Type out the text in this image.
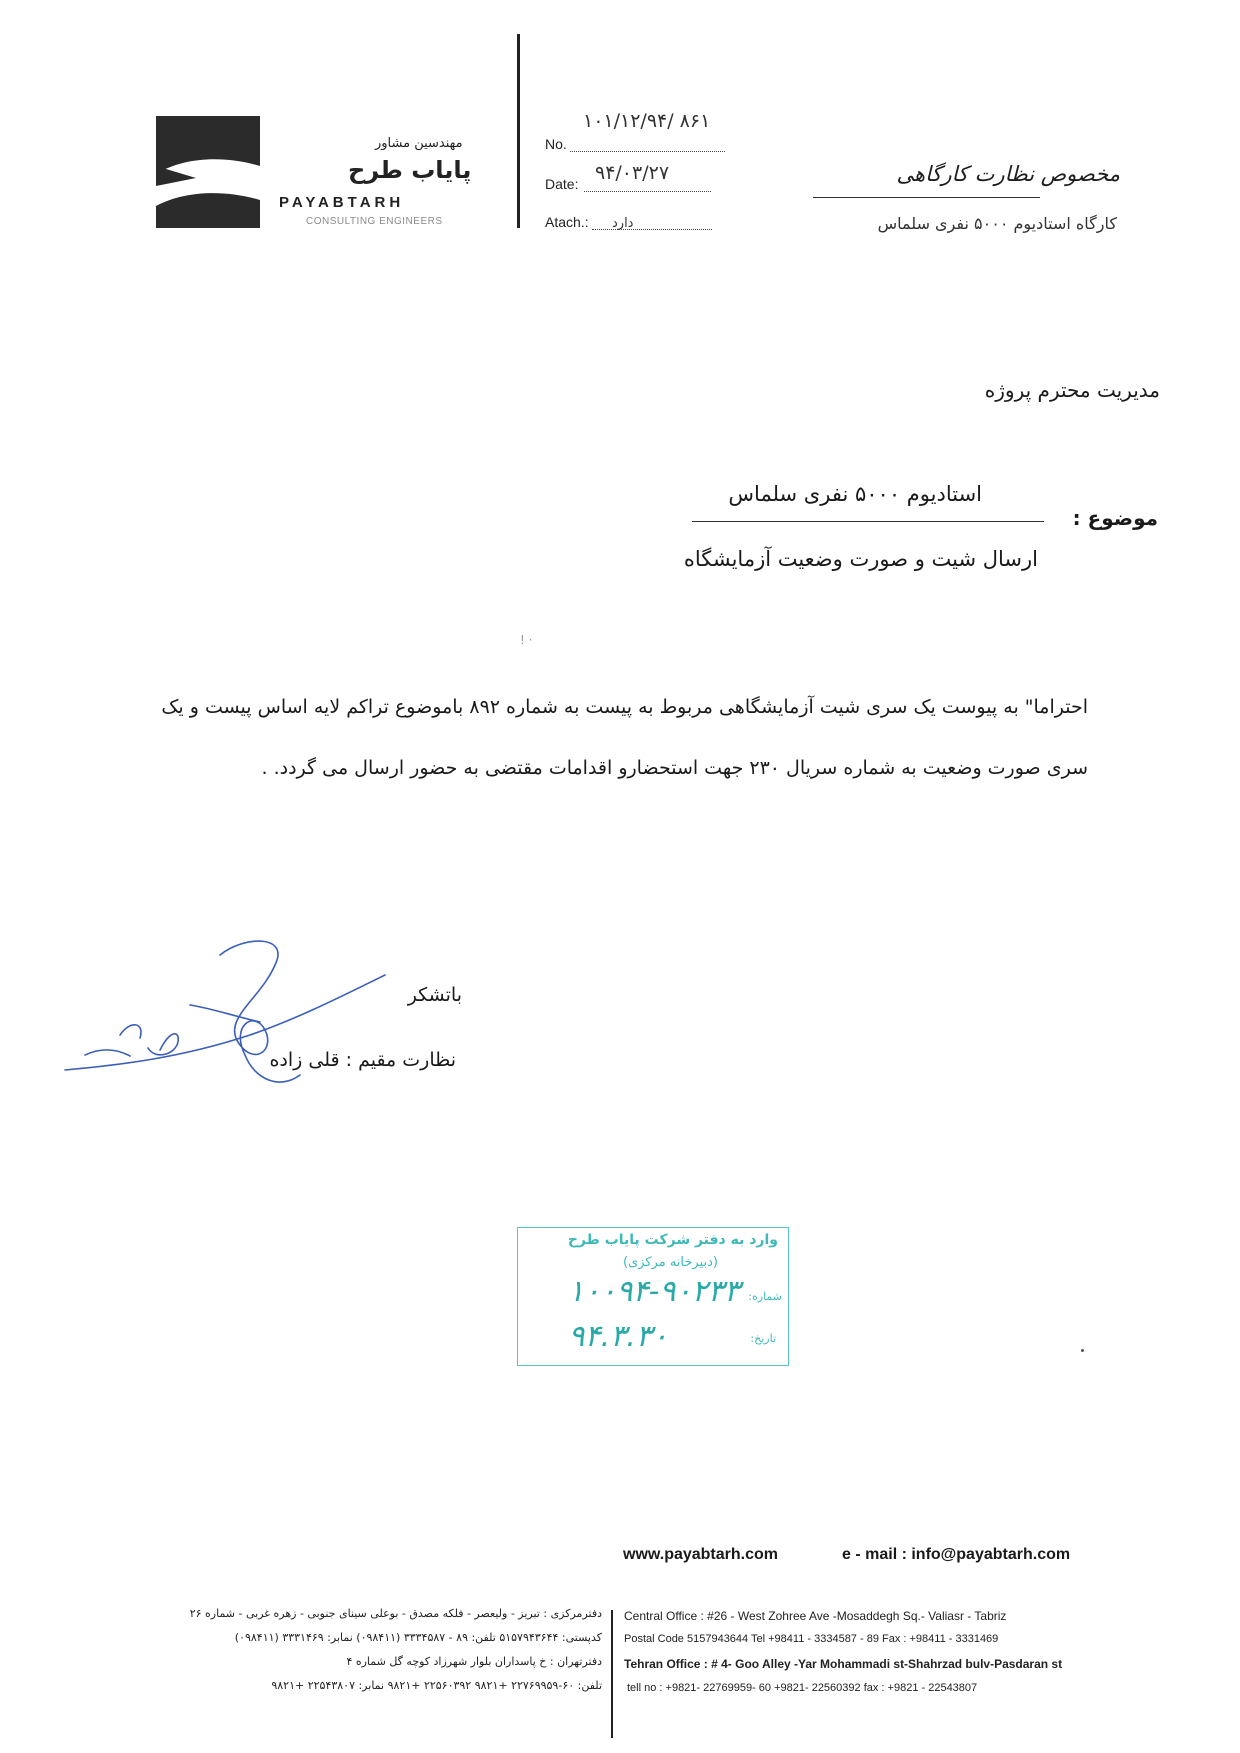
مهندسین مشاور
پایاب طرح
PAYABTARH
CONSULTING ENGINEERS
۱۰۱/۱۲/۹۴/ ۸۶۱
No.
Date: ۹۴/۰۳/۲۷
Atach.: دارد
مخصوص نظارت کارگاهی
کارگاه استادیوم ۵۰۰۰ نفری سلماس
مدیریت محترم پروژه
موضوع :
استادیوم ۵۰۰۰ نفری سلماس
ارسال شیت و صورت وضعیت آزمایشگاه
! ·
احتراما" به پیوست یک سری شیت آزمایشگاهی مربوط به پیست به شماره ۸۹۲ باموضوع تراکم لایه اساس پیست و یک
سری صورت وضعیت به شماره سریال ۲۳۰ جهت استحضارو اقدامات مقتضی به حضور ارسال می گردد. .
باتشکر
نظارت مقیم : قلی زاده
وارد به دفتر شرکت پایاب طرح
(دبیرخانه مرکزی)
شماره:
۱۰۰۹۴-۹۰۲۳۳
تاریخ:
۹۴.۳.۳۰
www.payabtarh.com	e - mail : info@payabtarh.com
دفترمرکزی : تبریز - ولیعصر - فلکه مصدق - بوعلی سینای جنوبی - زهره غربی - شماره ۲۶
کدپستی: ۵۱۵۷۹۴۳۶۴۴ تلفن: ۸۹ - ۳۳۳۴۵۸۷ (۰۹۸۴۱۱) نمابر: ۳۳۳۱۴۶۹ (۰۹۸۴۱۱)
دفترتهران : خ پاسداران بلوار شهرزاد کوچه گل شماره ۴
تلفن: ۶۰-۲۲۷۶۹۹۵۹ +۹۸۲۱ ۲۲۵۶۰۳۹۲ +۹۸۲۱ نمابر: ۲۲۵۴۳۸۰۷ +۹۸۲۱
Central Office : #26 - West Zohree Ave -Mosaddegh Sq.- Valiasr - Tabriz
Postal Code 5157943644 Tel +98411 - 3334587 - 89 Fax : +98411 - 3331469
Tehran Office : # 4- Goo Alley -Yar Mohammadi st-Shahrzad bulv-Pasdaran st
tell no : +9821- 22769959- 60 +9821- 22560392 fax : +9821 - 22543807
